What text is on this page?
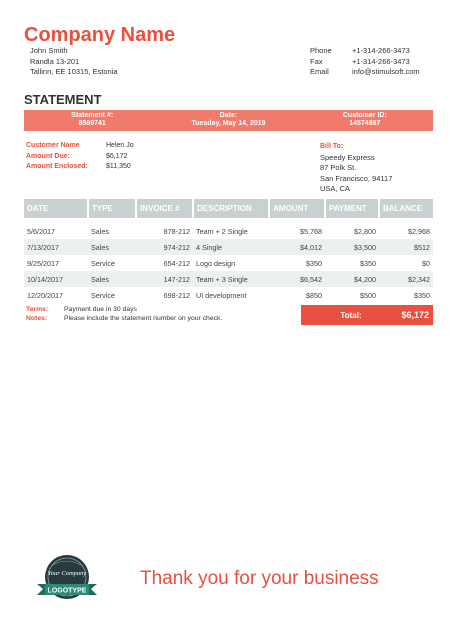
Company Name
John Smith
Randla 13-201
Tallinn, EE 10315, Estonia
Phone	+1-314-266-3473
Fax	+1-314-266-3473
Email	info@stimulsoft.com
STATEMENT
Statement #:
8569741
Date:
Tuesday, May 14, 2019
Customer ID:
14574897
Customer Name	Helen Jo
Amount Due:	$6,172
Amount Enclosed:	$11,350
Bill To:
Speedy Express
87 Polk St.
San Francisco, 94117
USA, CA
DATE	TYPE	INVOICE #	DESCRIPTION	AMOUNT	PAYMENT	BALANCE
5/6/2017	Sales	878-212	Team + 2 Single	$5,768	$2,800	$2,968
7/13/2017	Sales	974-212	4 Single	$4,012	$3,500	$512
9/25/2017	Service	654-212	Logo design	$350	$350	$0
10/14/2017	Sales	147-212	Team + 3 Single	$6,542	$4,200	$2,342
12/20/2017	Service	698-212	UI development	$850	$500	$350
Terms:	Payment due in 30 days
Notes:	Please include the statement number on your check.	Total:	$6,172
Your Company
LOGOTYPE
Thank you for your business
